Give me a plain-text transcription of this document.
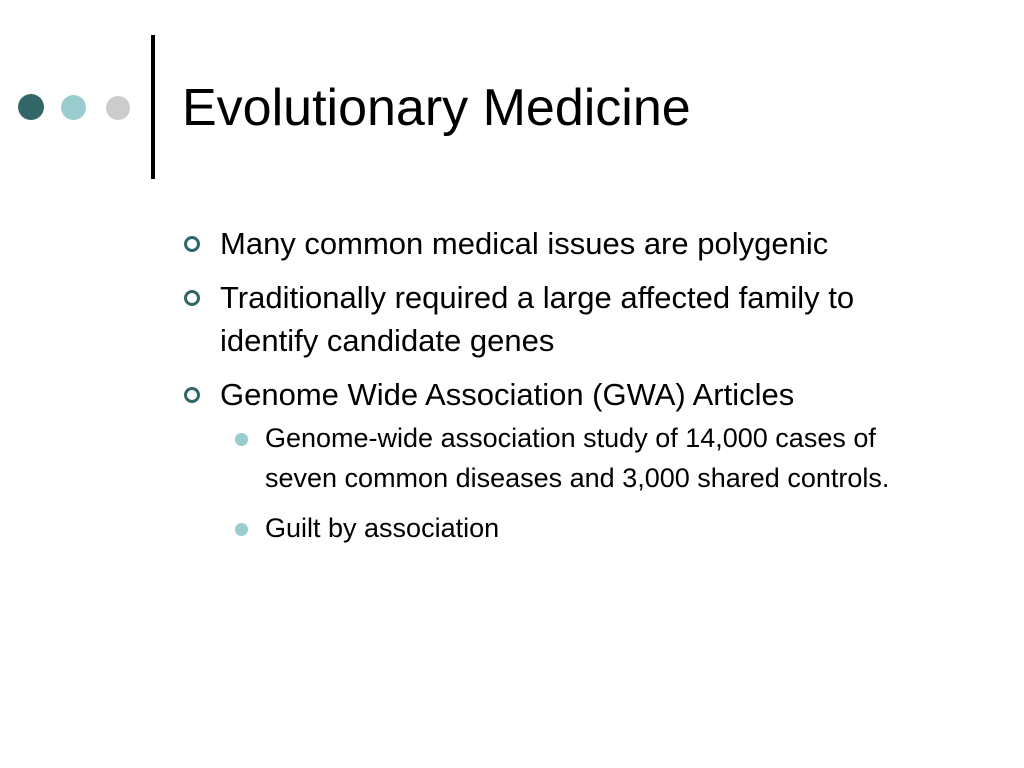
Evolutionary Medicine
Many common medical issues are polygenic
Traditionally required a large affected family to identify candidate genes
Genome Wide Association (GWA) Articles
Genome-wide association study of 14,000 cases of seven common diseases and 3,000 shared controls.
Guilt by association
